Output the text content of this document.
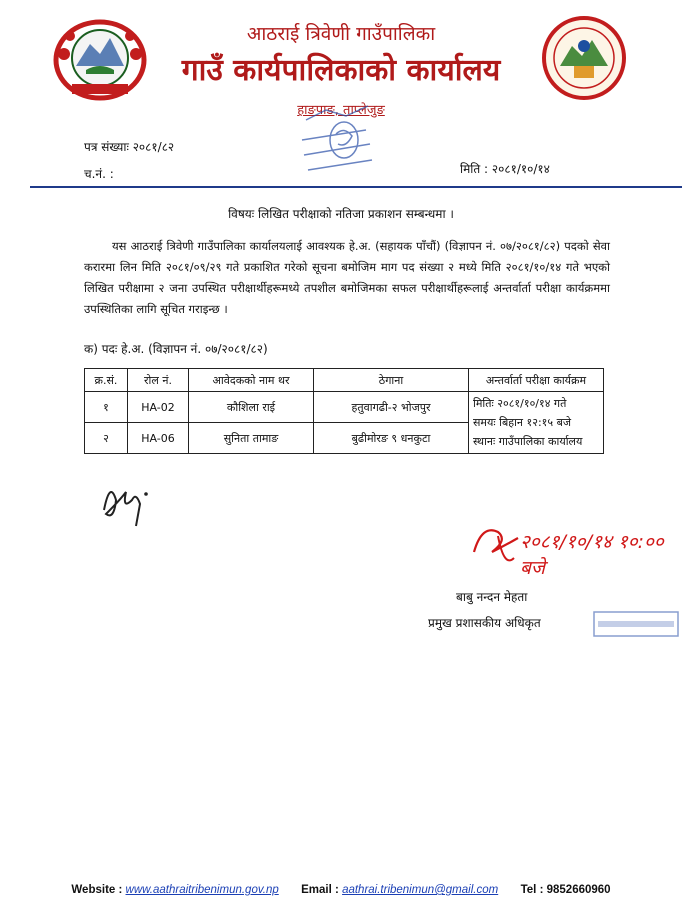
आठराई त्रिवेणी गाउँपालिका
गाउँ कार्यपालिकाको कार्यालय
हाङपाङ, ताप्लेजुङ
पत्र संख्याः २०८१/८२
च.नं. :	मिति : २०८१/१०/१४
विषयः लिखित परीक्षाको नतिजा प्रकाशन सम्बन्धमा ।
यस आठराई त्रिवेणी गाउँपालिका कार्यालयलाई आवश्यक हे.अ. (सहायक पाँचौं) (विज्ञापन नं. ०७/२०८१/८२) पदको सेवा करारमा लिन मिति २०८१/०९/२९ गते प्रकाशित गरेको सूचना बमोजिम माग पद संख्या २ मध्ये मिति २०८१/१०/१४ गते भएको लिखित परीक्षामा २ जना उपस्थित परीक्षार्थीहरूमध्ये तपशील बमोजिमका सफल परीक्षार्थीहरूलाई अन्तर्वार्ता परीक्षा कार्यक्रममा उपस्थितिका लागि सूचित गराइन्छ ।
क) पदः हे.अ. (विज्ञापन नं. ०७/२०८१/८२)
क्र.सं.	रोल नं.	आवेदकको नाम थर	ठेगाना	अन्तर्वार्ता परीक्षा कार्यक्रम
१	HA-02	कौशिला राई	हतुवागढी-२ भोजपुर	मितिः २०८१/१०/१४ गते
समयः बिहान १२:१५ बजे
स्थानः गाउँपालिका कार्यालय

२	HA-06	सुनिता तामाङ	बुढीमोरङ ९ धनकुटा	
२०८१/१०/१४ १०:०० बजे
बाबु नन्दन मेहता
प्रमुख प्रशासकीय अधिकृत
Website : www.aathraitribenimun.gov.np Email : aathrai.tribenimun@gmail.com Tel : 9852660960
